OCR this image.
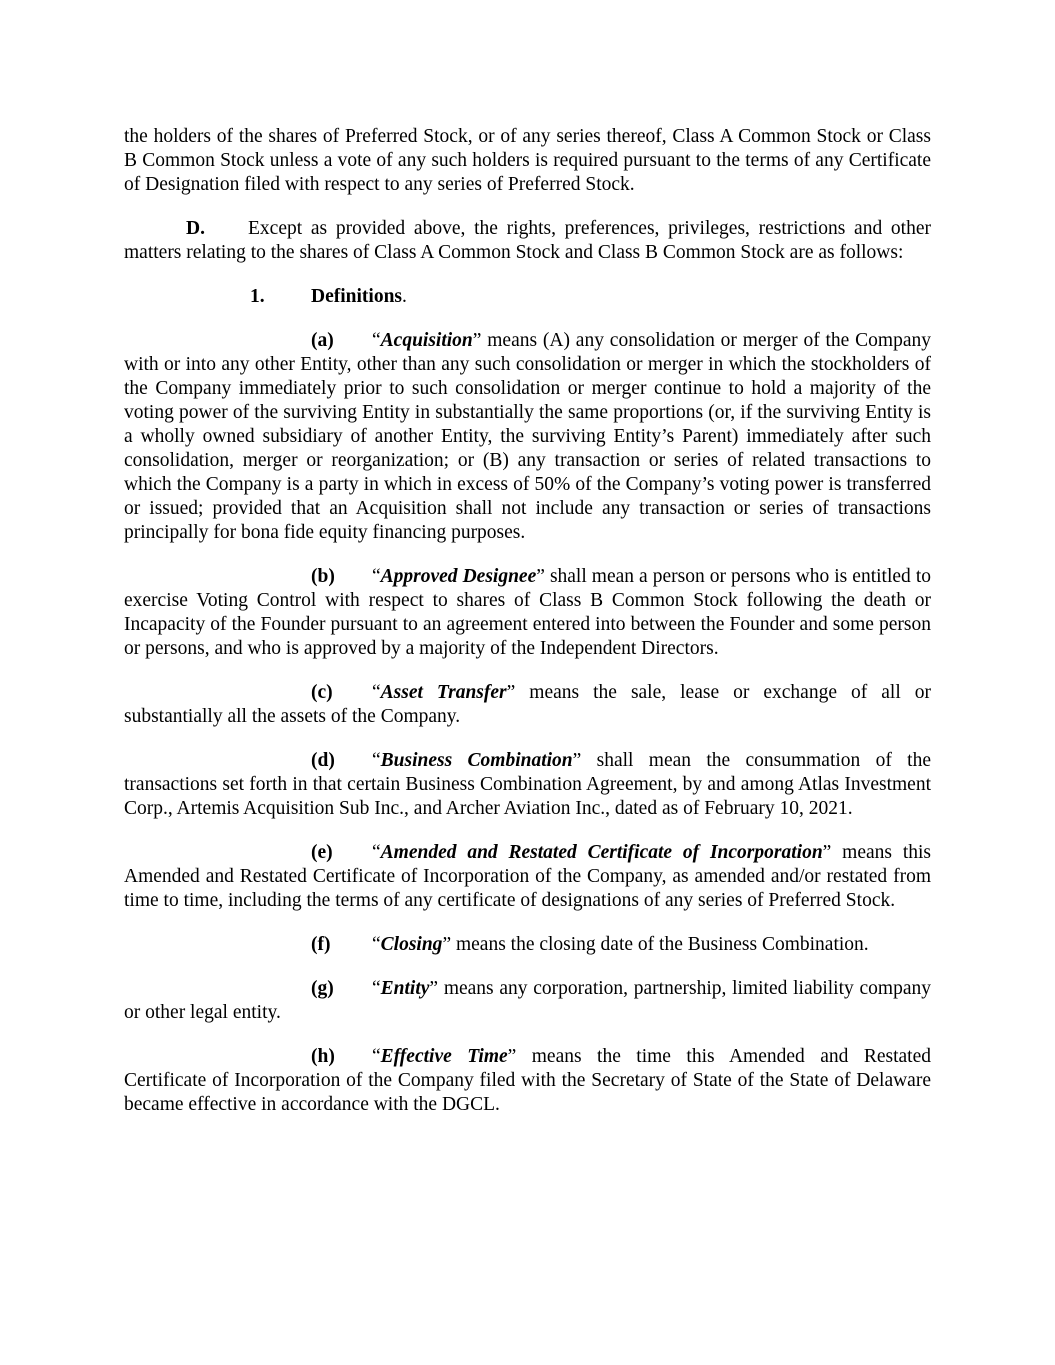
the holders of the shares of Preferred Stock, or of any series thereof, Class A Common Stock or Class B Common Stock unless a vote of any such holders is required pursuant to the terms of any Certificate of Designation filed with respect to any series of Preferred Stock.

D. Except as provided above, the rights, preferences, privileges, restrictions and other matters relating to the shares of Class A Common Stock and Class B Common Stock are as follows:

1. Definitions.

(a) “Acquisition” means (A) any consolidation or merger of the Company with or into any other Entity, other than any such consolidation or merger in which the stockholders of the Company immediately prior to such consolidation or merger continue to hold a majority of the voting power of the surviving Entity in substantially the same proportions (or, if the surviving Entity is a wholly owned subsidiary of another Entity, the surviving Entity’s Parent) immediately after such consolidation, merger or reorganization; or (B) any transaction or series of related transactions to which the Company is a party in which in excess of 50% of the Company’s voting power is transferred or issued; provided that an Acquisition shall not include any transaction or series of transactions principally for bona fide equity financing purposes.

(b) “Approved Designee” shall mean a person or persons who is entitled to exercise Voting Control with respect to shares of Class B Common Stock following the death or Incapacity of the Founder pursuant to an agreement entered into between the Founder and some person or persons, and who is approved by a majority of the Independent Directors.

(c) “Asset Transfer” means the sale, lease or exchange of all or substantially all the assets of the Company.

(d) “Business Combination” shall mean the consummation of the transactions set forth in that certain Business Combination Agreement, by and among Atlas Investment Corp., Artemis Acquisition Sub Inc., and Archer Aviation Inc., dated as of February 10, 2021.

(e) “Amended and Restated Certificate of Incorporation” means this Amended and Restated Certificate of Incorporation of the Company, as amended and/or restated from time to time, including the terms of any certificate of designations of any series of Preferred Stock.

(f) “Closing” means the closing date of the Business Combination.

(g) “Entity” means any corporation, partnership, limited liability company or other legal entity.

(h) “Effective Time” means the time this Amended and Restated Certificate of Incorporation of the Company filed with the Secretary of State of the State of Delaware became effective in accordance with the DGCL.
